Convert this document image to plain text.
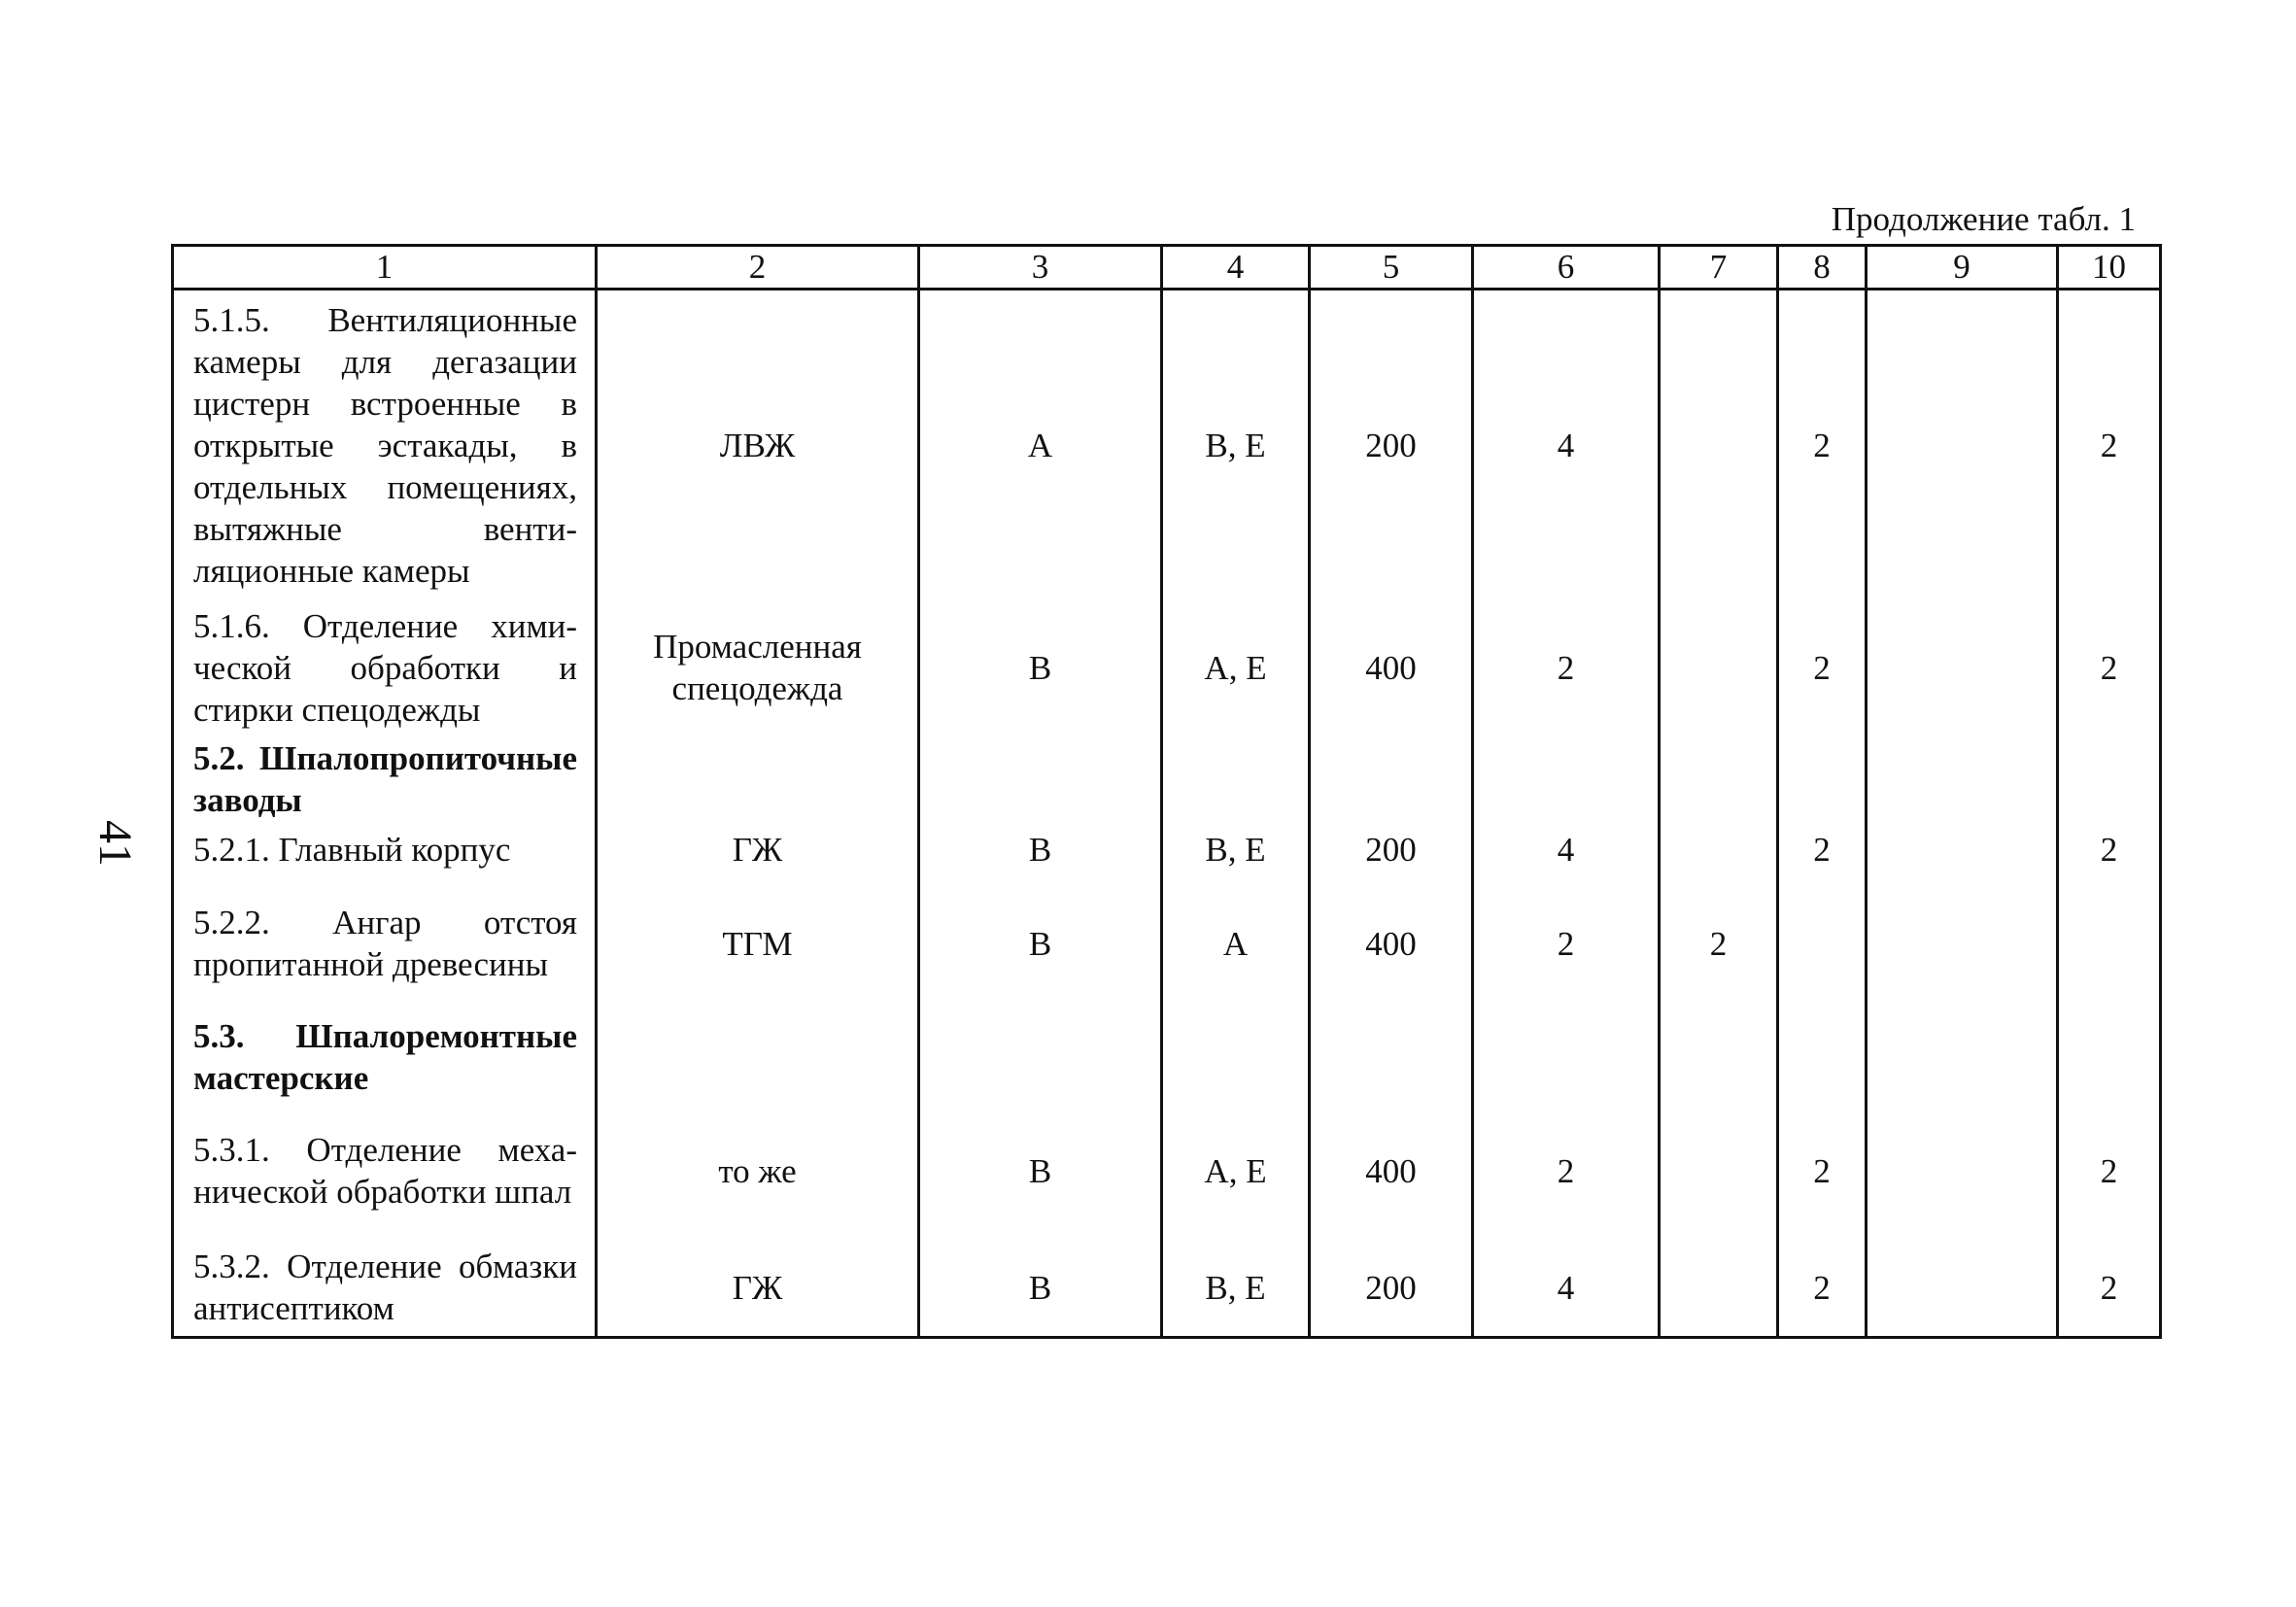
41
Продолжение табл. 1
1	2	3	4	5	6	7	8	9	10
5.1.5. Вентиляционные камеры для дегазации цистерн встроенные в открытые эстакады, в отдельных помещениях, вытяжные вентиляционные камеры	ЛВЖ	А	В, Е	200	4		2		2
5.1.6. Отделение химической обработки и стирки спецодежды	Промасленная спецодежда	В	А, Е	400	2		2		2
5.2. Шпалопропиточные заводы									
5.2.1. Главный корпус	ГЖ	В	В, Е	200	4		2		2
5.2.2. Ангар отстоя пропитанной древесины	ТГМ	В	А	400	2	2			
5.3. Шпалоремонтные мастерские									
5.3.1. Отделение механической обработки шпал	то же	В	А, Е	400	2		2		2
5.3.2. Отделение обмазки антисептиком	ГЖ	В	В, Е	200	4		2		2
